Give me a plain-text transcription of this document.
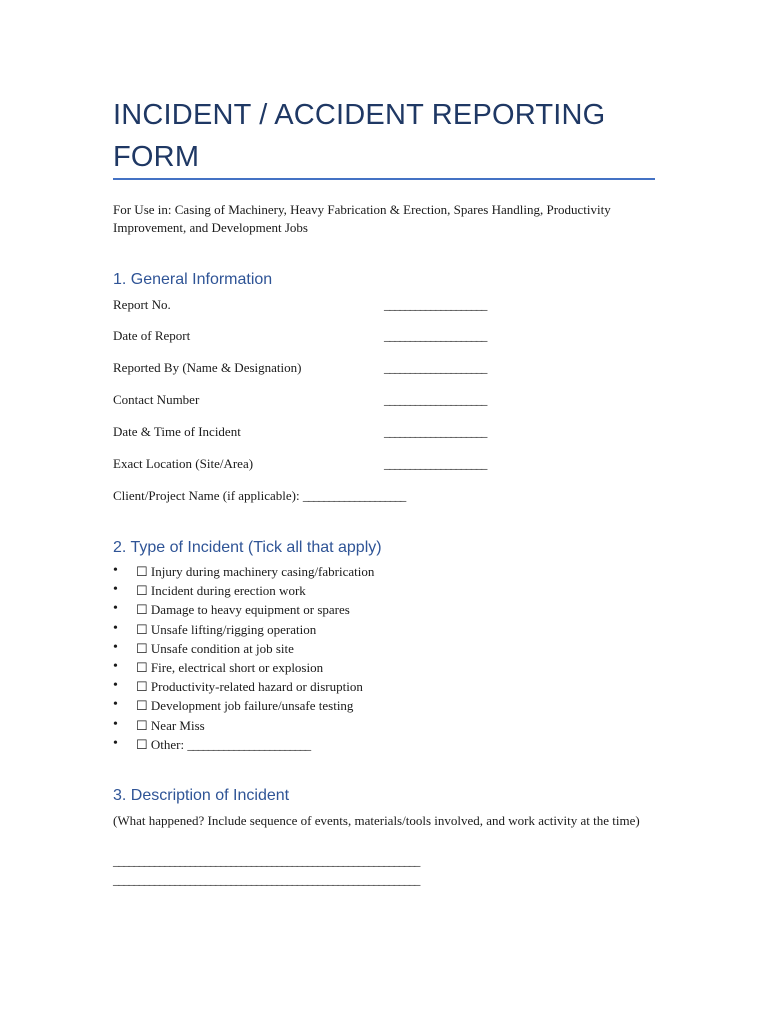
INCIDENT / ACCIDENT REPORTING FORM

For Use in: Casing of Machinery, Heavy Fabrication & Erection, Spares Handling, Productivity Improvement, and Development Jobs

1. General Information
Report No.	____________________
Date of Report	____________________
Reported By (Name & Designation)	____________________
Contact Number	____________________
Date & Time of Incident	____________________
Exact Location (Site/Area)	____________________
Client/Project Name (if applicable): ____________________
2. Type of Incident (Tick all that apply)
• ☐ Injury during machinery casing/fabrication
• ☐ Incident during erection work
• ☐ Damage to heavy equipment or spares
• ☐ Unsafe lifting/rigging operation
• ☐ Unsafe condition at job site
• ☐ Fire, electrical short or explosion
• ☐ Productivity-related hazard or disruption
• ☐ Development job failure/unsafe testing
• ☐ Near Miss
• ☐ Other: ________________________
3. Description of Incident

(What happened? Include sequence of events, materials/tools involved, and work activity at the time)

____________________________________________________________
____________________________________________________________
